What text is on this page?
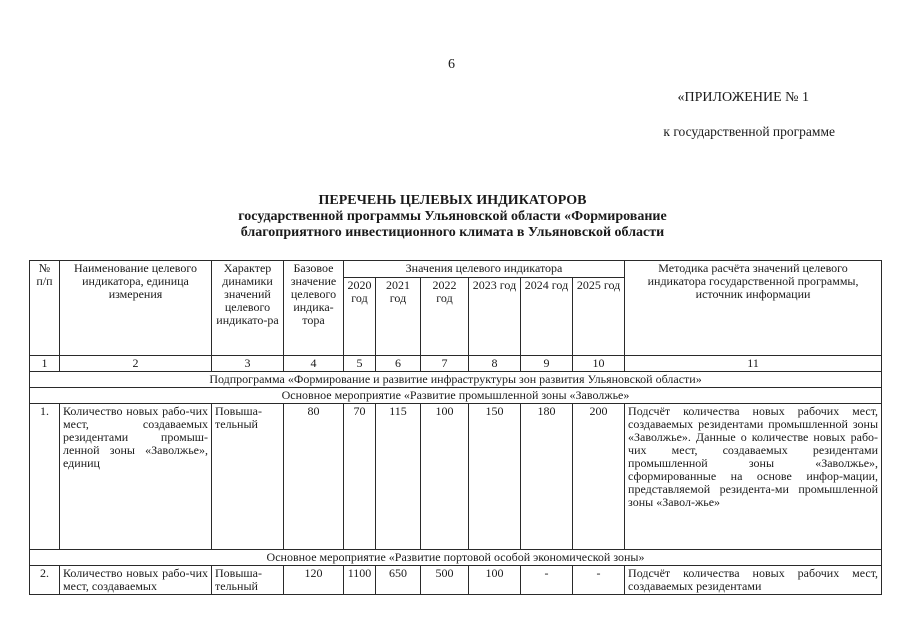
6
«ПРИЛОЖЕНИЕ № 1
к государственной программе
ПЕРЕЧЕНЬ ЦЕЛЕВЫХ ИНДИКАТОРОВ
государственной программы Ульяновской области «Формирование
благоприятного инвестиционного климата в Ульяновской области
№ п/п	Наименование целевого индикатора, единица измерения	Характер динамики значений целевого индикато-ра	Базовое значение целевого индика-тора	Значения целевого индикатора						Методика расчёта значений целевого индикатора государственной программы, источник информации
				2020 год	2021 год	2022 год	2023 год	2024 год	2025 год	
1	2	3	4	5	6	7	8	9	10	11
Подпрограмма «Формирование и развитие инфраструктуры зон развития Ульяновской области»										
Основное мероприятие «Развитие промышленной зоны «Заволжье»										
1.	Количество новых рабо-чих мест, создаваемых резидентами промыш-ленной зоны «Заволжье», единиц	Повыша-тельный	80	70	115	100	150	180	200	Подсчёт количества новых рабочих мест, создаваемых резидентами промышленной зоны «Заволжье». Данные о количестве новых рабо-чих мест, создаваемых резидентами промышленной зоны «Заволжье», сформированные на основе инфор-мации, представляемой резидента-ми промышленной зоны «Завол-жье»
Основное мероприятие «Развитие портовой особой экономической зоны»										
2.	Количество новых рабо-чих мест, создаваемых	Повыша-тельный	120	1100	650	500	100	-	-	Подсчёт количества новых рабочих мест, создаваемых резидентами
